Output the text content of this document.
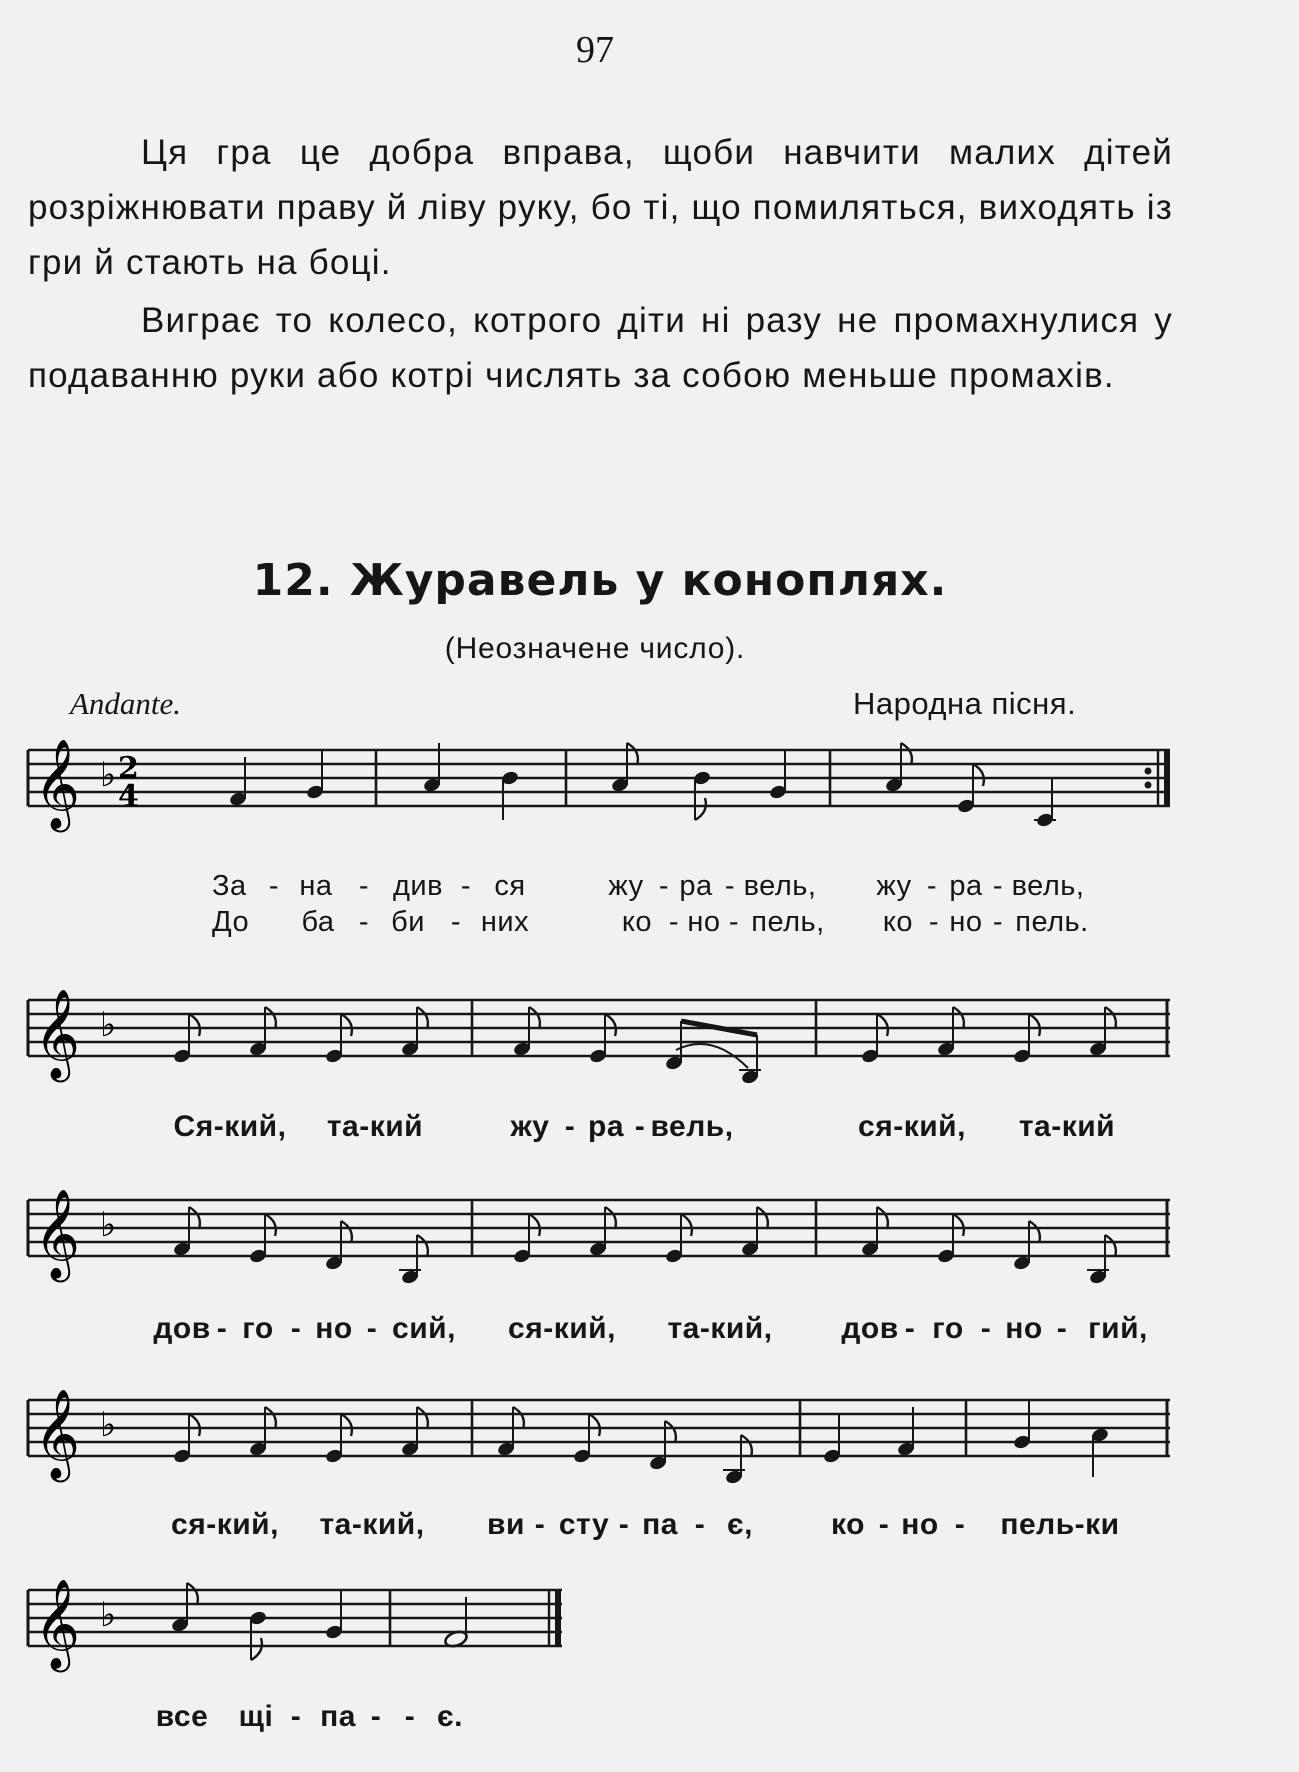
97

Ця гра це добра вправа, щоби навчити малих дітей розріжнювати праву й ліву руку, бо ті, що помиляться, виходять із гри й стають на боці.

Виграє то колесо, котрого діти ні разу не промахнулися у подаванню руки або котрі числять за собою меньше промахів.

12. Журавель у коноплях.
(Неозначене число).
Andante.	Народна пісня.
𝄞 ♭ 2
4
За - на - див - ся	жу - ра - вель, жу - ра - вель,
До ба - би - них	ко - но - пель, ко - но - пель.
𝄞 ♭
Ся-кий, та-кий	жу - ра - вель,	ся-кий, та-кий
𝄞 ♭
дов - го - но - сий, ся-кий, та-кий, дов - го - но - гий,
𝄞 ♭
ся-кий, та-кий, ви - сту - па - є,	ко - но - пель-ки
𝄞 ♭
все щі - па - - є.
